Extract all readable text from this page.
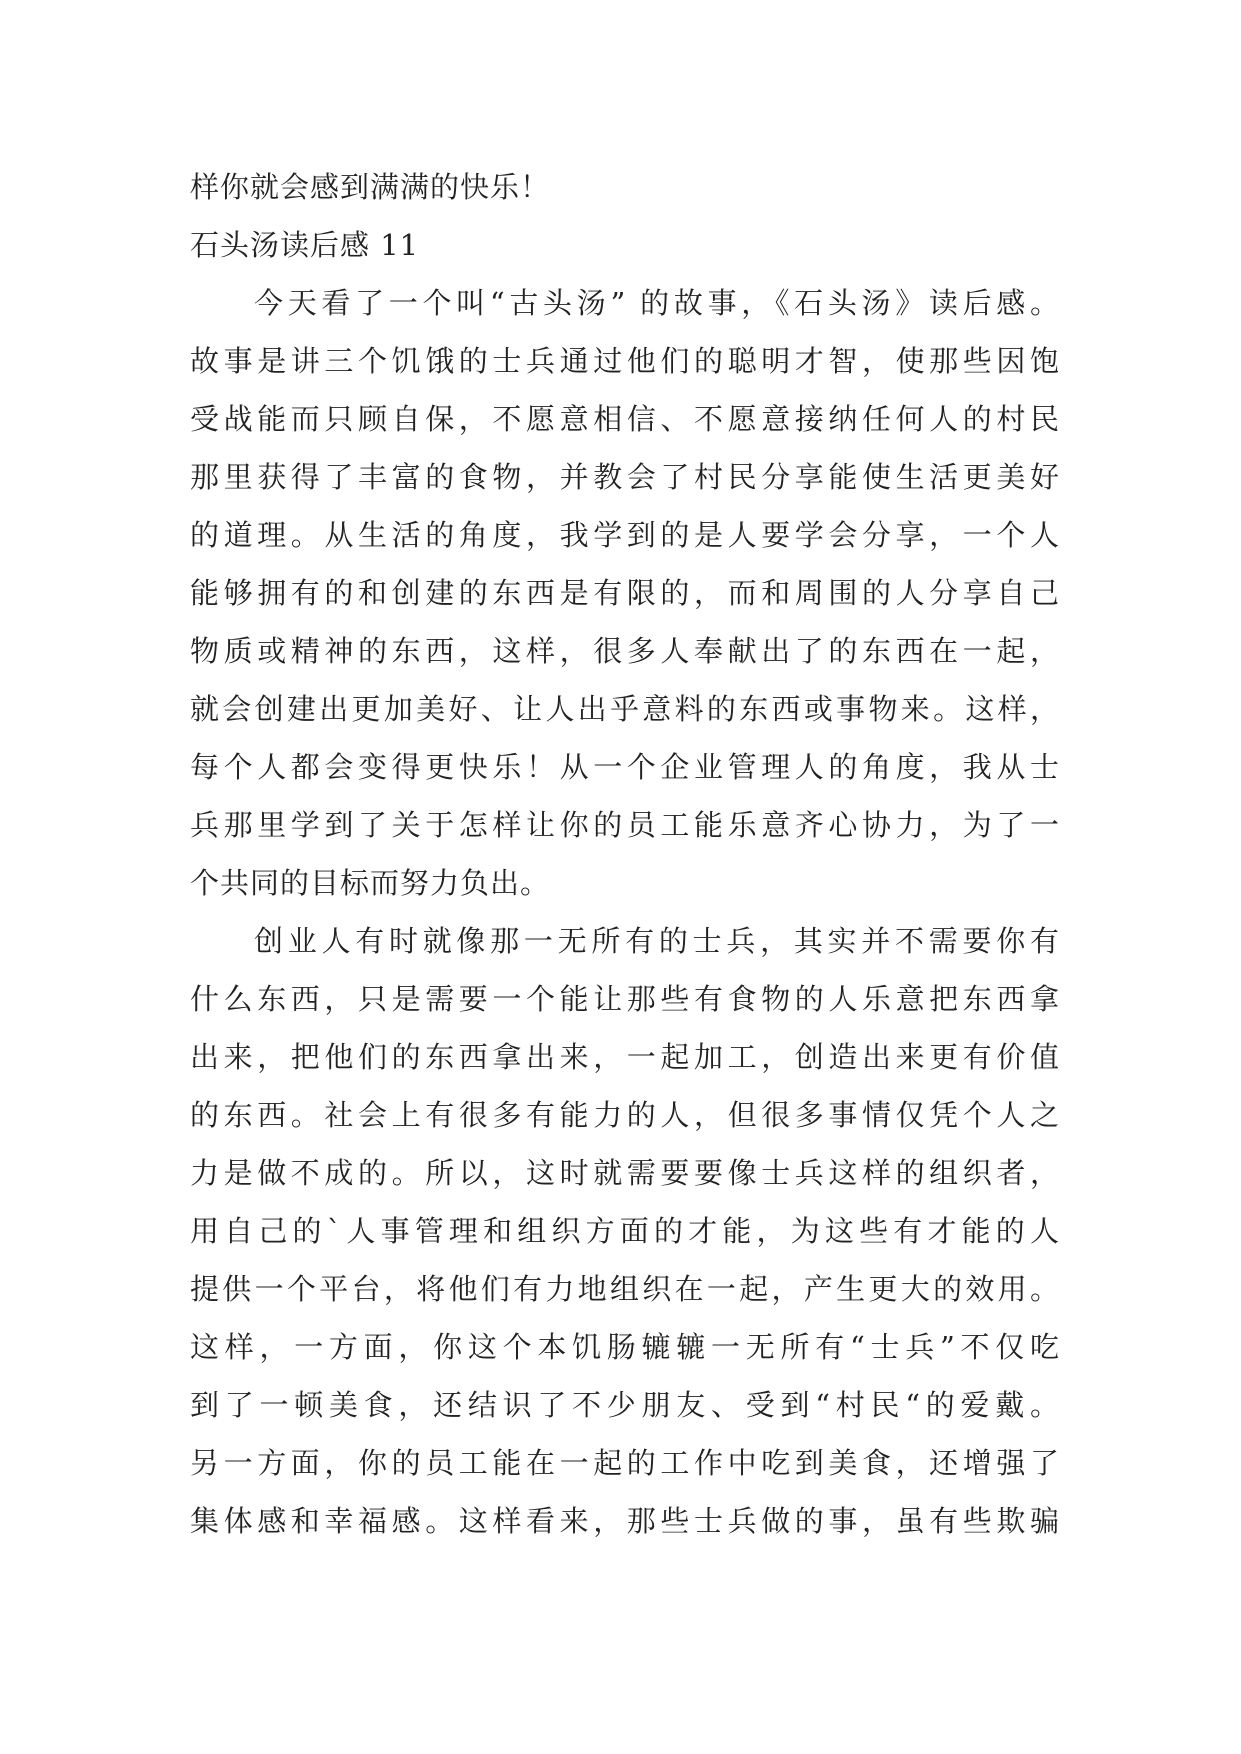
样你就会感到满满的快乐！
石头汤读后感 11
今天看了一个叫“古头汤” 的故事，《石头汤》读后感。
故事是讲三个饥饿的士兵通过他们的聪明才智，使那些因饱
受战能而只顾自保，不愿意相信、不愿意接纳任何人的村民
那里获得了丰富的食物，并教会了村民分享能使生活更美好
的道理。从生活的角度，我学到的是人要学会分享，一个人
能够拥有的和创建的东西是有限的，而和周围的人分享自己
物质或精神的东西，这样，很多人奉献出了的东西在一起，
就会创建出更加美好、让人出乎意料的东西或事物来。这样，
每个人都会变得更快乐！从一个企业管理人的角度，我从士
兵那里学到了关于怎样让你的员工能乐意齐心协力，为了一
个共同的目标而努力负出。
创业人有时就像那一无所有的士兵，其实并不需要你有
什么东西，只是需要一个能让那些有食物的人乐意把东西拿
出来，把他们的东西拿出来，一起加工，创造出来更有价值
的东西。社会上有很多有能力的人，但很多事情仅凭个人之
力是做不成的。所以，这时就需要要像士兵这样的组织者，
用自己的`人事管理和组织方面的才能，为这些有才能的人
提供一个平台，将他们有力地组织在一起，产生更大的效用。
这样，一方面，你这个本饥肠辘辘一无所有“士兵”不仅吃
到了一顿美食，还结识了不少朋友、受到“村民“的爱戴。
另一方面，你的员工能在一起的工作中吃到美食，还增强了
集体感和幸福感。这样看来，那些士兵做的事，虽有些欺骗
